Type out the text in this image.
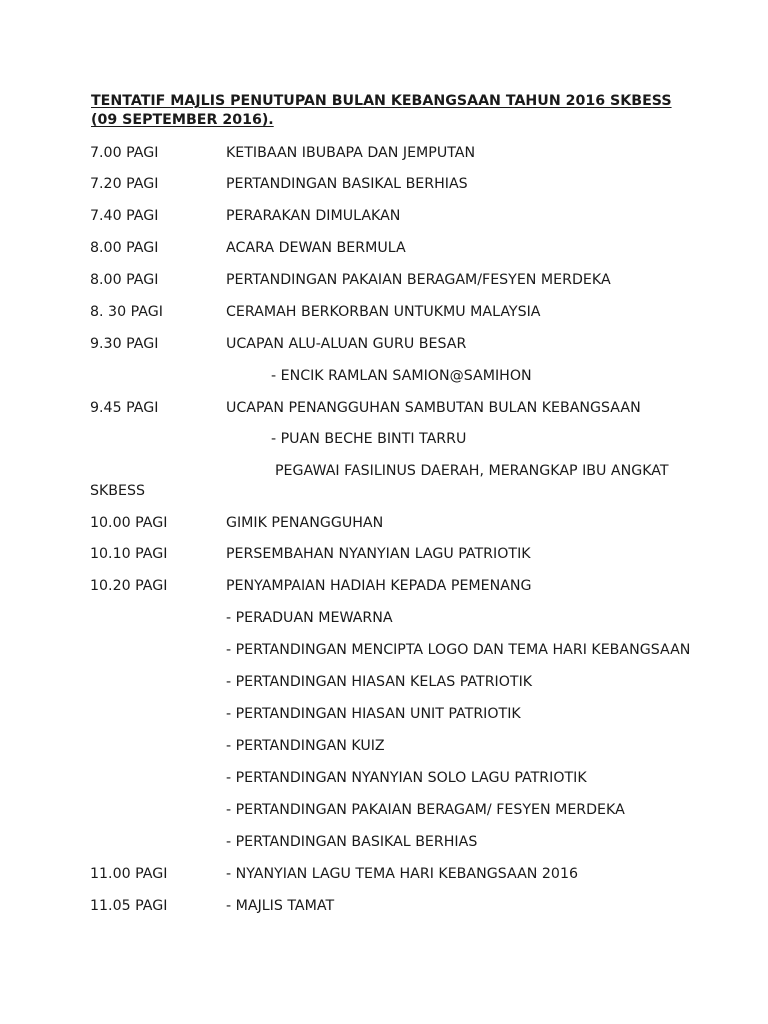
TENTATIF MAJLIS PENUTUPAN BULAN KEBANGSAAN TAHUN 2016 SKBESS
(09 SEPTEMBER 2016).
7.00 PAGI	KETIBAAN IBUBAPA DAN JEMPUTAN
7.20 PAGI	PERTANDINGAN BASIKAL BERHIAS
7.40 PAGI	PERARAKAN DIMULAKAN
8.00 PAGI	ACARA DEWAN BERMULA
8.00 PAGI	PERTANDINGAN PAKAIAN BERAGAM/FESYEN MERDEKA
8. 30 PAGI	CERAMAH BERKORBAN UNTUKMU MALAYSIA
9.30 PAGI	UCAPAN ALU-ALUAN GURU BESAR
- ENCIK RAMLAN SAMION@SAMIHON
9.45 PAGI	UCAPAN PENANGGUHAN SAMBUTAN BULAN KEBANGSAAN
- PUAN BECHE BINTI TARRU
PEGAWAI FASILINUS DAERAH, MERANGKAP IBU ANGKAT
SKBESS
10.00 PAGI	GIMIK PENANGGUHAN
10.10 PAGI	PERSEMBAHAN NYANYIAN LAGU PATRIOTIK
10.20 PAGI	PENYAMPAIAN HADIAH KEPADA PEMENANG
- PERADUAN MEWARNA
- PERTANDINGAN MENCIPTA LOGO DAN TEMA HARI KEBANGSAAN
- PERTANDINGAN HIASAN KELAS PATRIOTIK
- PERTANDINGAN HIASAN UNIT PATRIOTIK
- PERTANDINGAN KUIZ
- PERTANDINGAN NYANYIAN SOLO LAGU PATRIOTIK
- PERTANDINGAN PAKAIAN BERAGAM/ FESYEN MERDEKA
- PERTANDINGAN BASIKAL BERHIAS
11.00 PAGI	- NYANYIAN LAGU TEMA HARI KEBANGSAAN 2016
11.05 PAGI	- MAJLIS TAMAT
